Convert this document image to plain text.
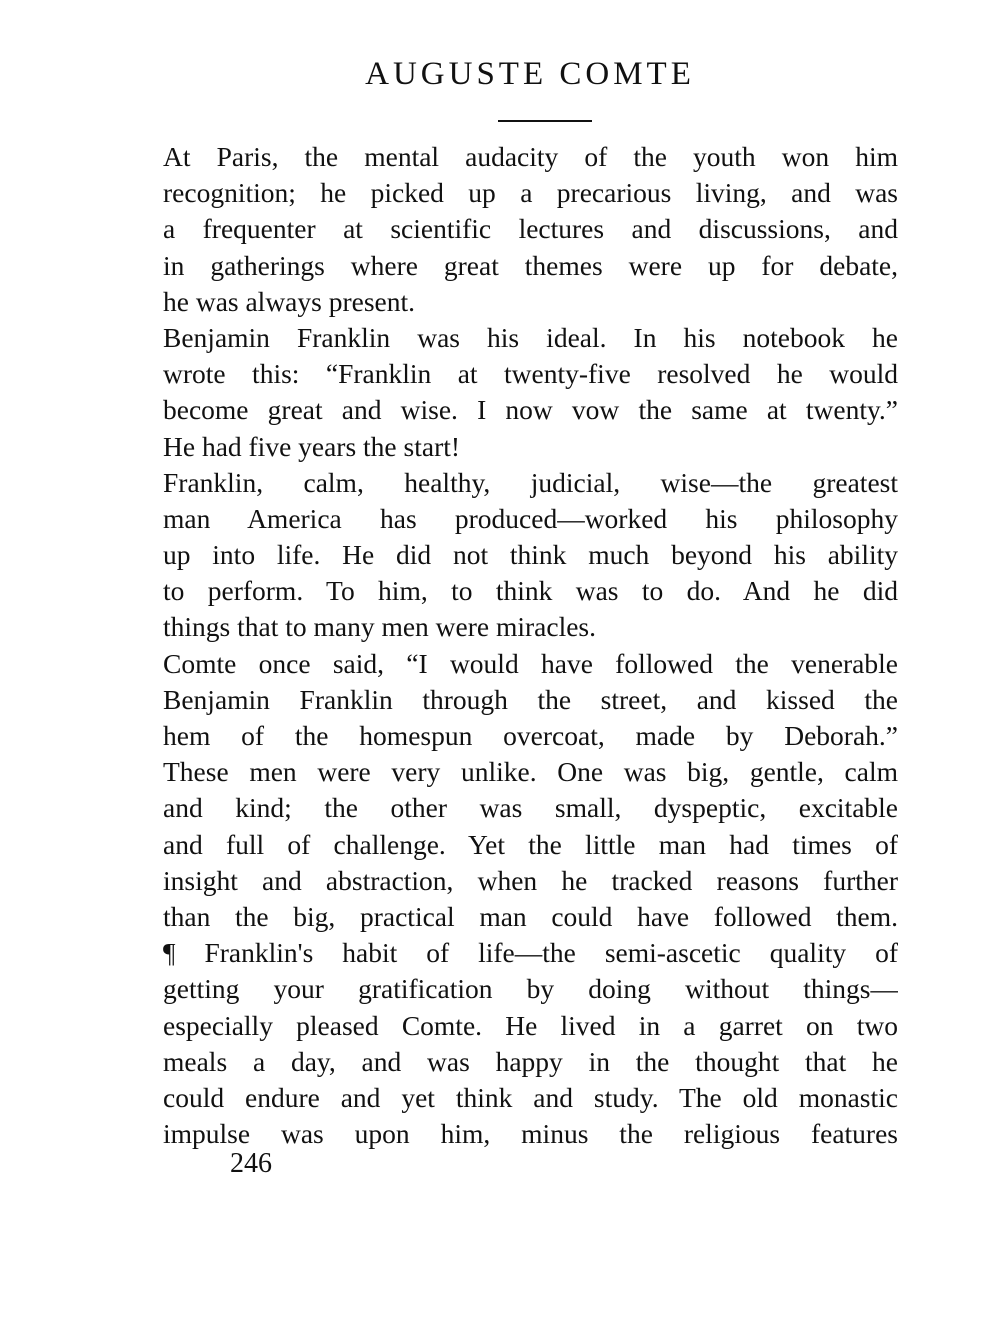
AUGUSTE COMTE
At Paris, the mental audacity of the youth won him
recognition; he picked up a precarious living, and was
a frequenter at scientific lectures and discussions, and
in gatherings where great themes were up for debate,
he was always present.
Benjamin Franklin was his ideal. In his notebook he
wrote this: “Franklin at twenty-five resolved he would
become great and wise. I now vow the same at twenty.”
He had five years the start!
Franklin, calm, healthy, judicial, wise—the greatest
man America has produced—worked his philosophy
up into life. He did not think much beyond his ability
to perform. To him, to think was to do. And he did
things that to many men were miracles.
Comte once said, “I would have followed the venerable
Benjamin Franklin through the street, and kissed the
hem of the homespun overcoat, made by Deborah.”
These men were very unlike. One was big, gentle, calm
and kind; the other was small, dyspeptic, excitable
and full of challenge. Yet the little man had times of
insight and abstraction, when he tracked reasons further
than the big, practical man could have followed them.
¶ Franklin's habit of life—the semi-ascetic quality of
getting your gratification by doing without things—
especially pleased Comte. He lived in a garret on two
meals a day, and was happy in the thought that he
could endure and yet think and study. The old monastic
impulse was upon him, minus the religious features
246
